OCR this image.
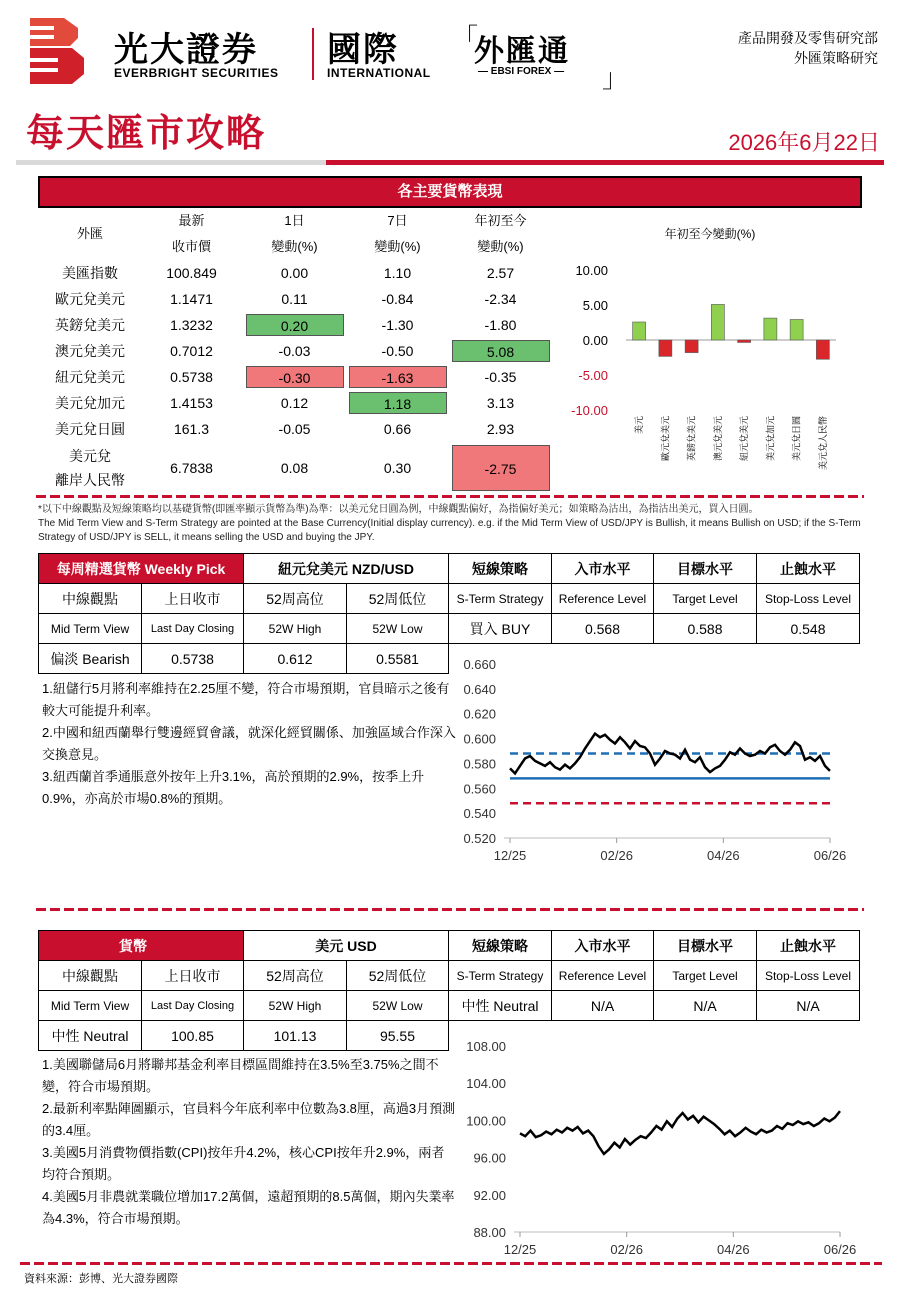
光大證券
EVERBRIGHT SECURITIES
國際
INTERNATIONAL
「
外匯通
— EBSI FOREX — 」
產品開發及零售研究部
外匯策略研究
每天匯市攻略	2026年6月22日
各主要貨幣表現
外匯	最新	1日	7日	年初至今
	收市價	變動(%)	變動(%)	變動(%)
美匯指數	100.849	0.00	1.10	2.57
歐元兌美元	1.1471	0.11	-0.84	-2.34
英鎊兌美元	1.3232	0.20	-1.30	-1.80
澳元兌美元	0.7012	-0.03	-0.50	5.08
紐元兌美元	0.5738	-0.30	-1.63	-0.35
美元兌加元	1.4153	0.12	1.18	3.13
美元兌日圓	161.3	-0.05	0.66	2.93

美元兌
離岸人民幣	6.7838	0.08	0.30	-2.75
年初至今變動(%)
10.00
5.00
0.00
-5.00
-10.00
美元 歐元兌美元 英鎊兌美元 澳元兌美元 紐元兌美元 美元兌加元 美元兌日圓 美元兌人民幣
*以下中線觀點及短線策略均以基礎貨幣(即匯率顯示貨幣為準)為準：以美元兌日圓為例，中線觀點偏好，為指偏好美元；如策略為沽出，為指沽出美元，買入日圓。
The Mid Term View and S-Term Strategy are pointed at the Base Currency(Initial display currency). e.g. if the Mid Term View of USD/JPY is Bullish, it means Bullish on USD; if the S-Term Strategy of USD/JPY is SELL, it means selling the USD and buying the JPY.
每周精選貨幣 Weekly Pick		紐元兌美元 NZD/USD		短線策略	入市水平	目標水平	止蝕水平
中線觀點	上日收市	52周高位	52周低位	S-Term Strategy	Reference Level	Target Level	Stop-Loss Level
Mid Term View	Last Day Closing	52W High	52W Low	買入 BUY	0.568	0.588	0.548
偏淡 Bearish	0.5738	0.612	0.5581				
1.紐儲行5月將利率維持在2.25厘不變，符合市場預期，官員暗示之後有較大可能提升利率。
2.中國和紐西蘭舉行雙邊經貿會議，就深化經貿關係、加強區域合作深入交換意見。
3.紐西蘭首季通脹意外按年上升3.1%，高於預期的2.9%，按季上升0.9%，亦高於市場0.8%的預期。
0.660
0.640
0.620
0.600
0.580
0.560
0.540
0.520
12/25	02/26	04/26	06/26
貨幣		美元 USD		短線策略	入市水平	目標水平	止蝕水平
中線觀點	上日收市	52周高位	52周低位	S-Term Strategy	Reference Level	Target Level	Stop-Loss Level
Mid Term View	Last Day Closing	52W High	52W Low	中性 Neutral	N/A	N/A	N/A
中性 Neutral	100.85	101.13	95.55				
1.美國聯儲局6月將聯邦基金利率目標區間維持在3.5%至3.75%之間不變，符合市場預期。
2.最新利率點陣圖顯示，官員料今年底利率中位數為3.8厘，高過3月預測的3.4厘。
3.美國5月消費物價指數(CPI)按年升4.2%，核心CPI按年升2.9%，兩者均符合預期。
4.美國5月非農就業職位增加17.2萬個，遠超預期的8.5萬個，期內失業率為4.3%，符合市場預期。
108.00
104.00
100.00
96.00
92.00
88.00
12/25	02/26	04/26	06/26
資料來源：彭博、光大證券國際
